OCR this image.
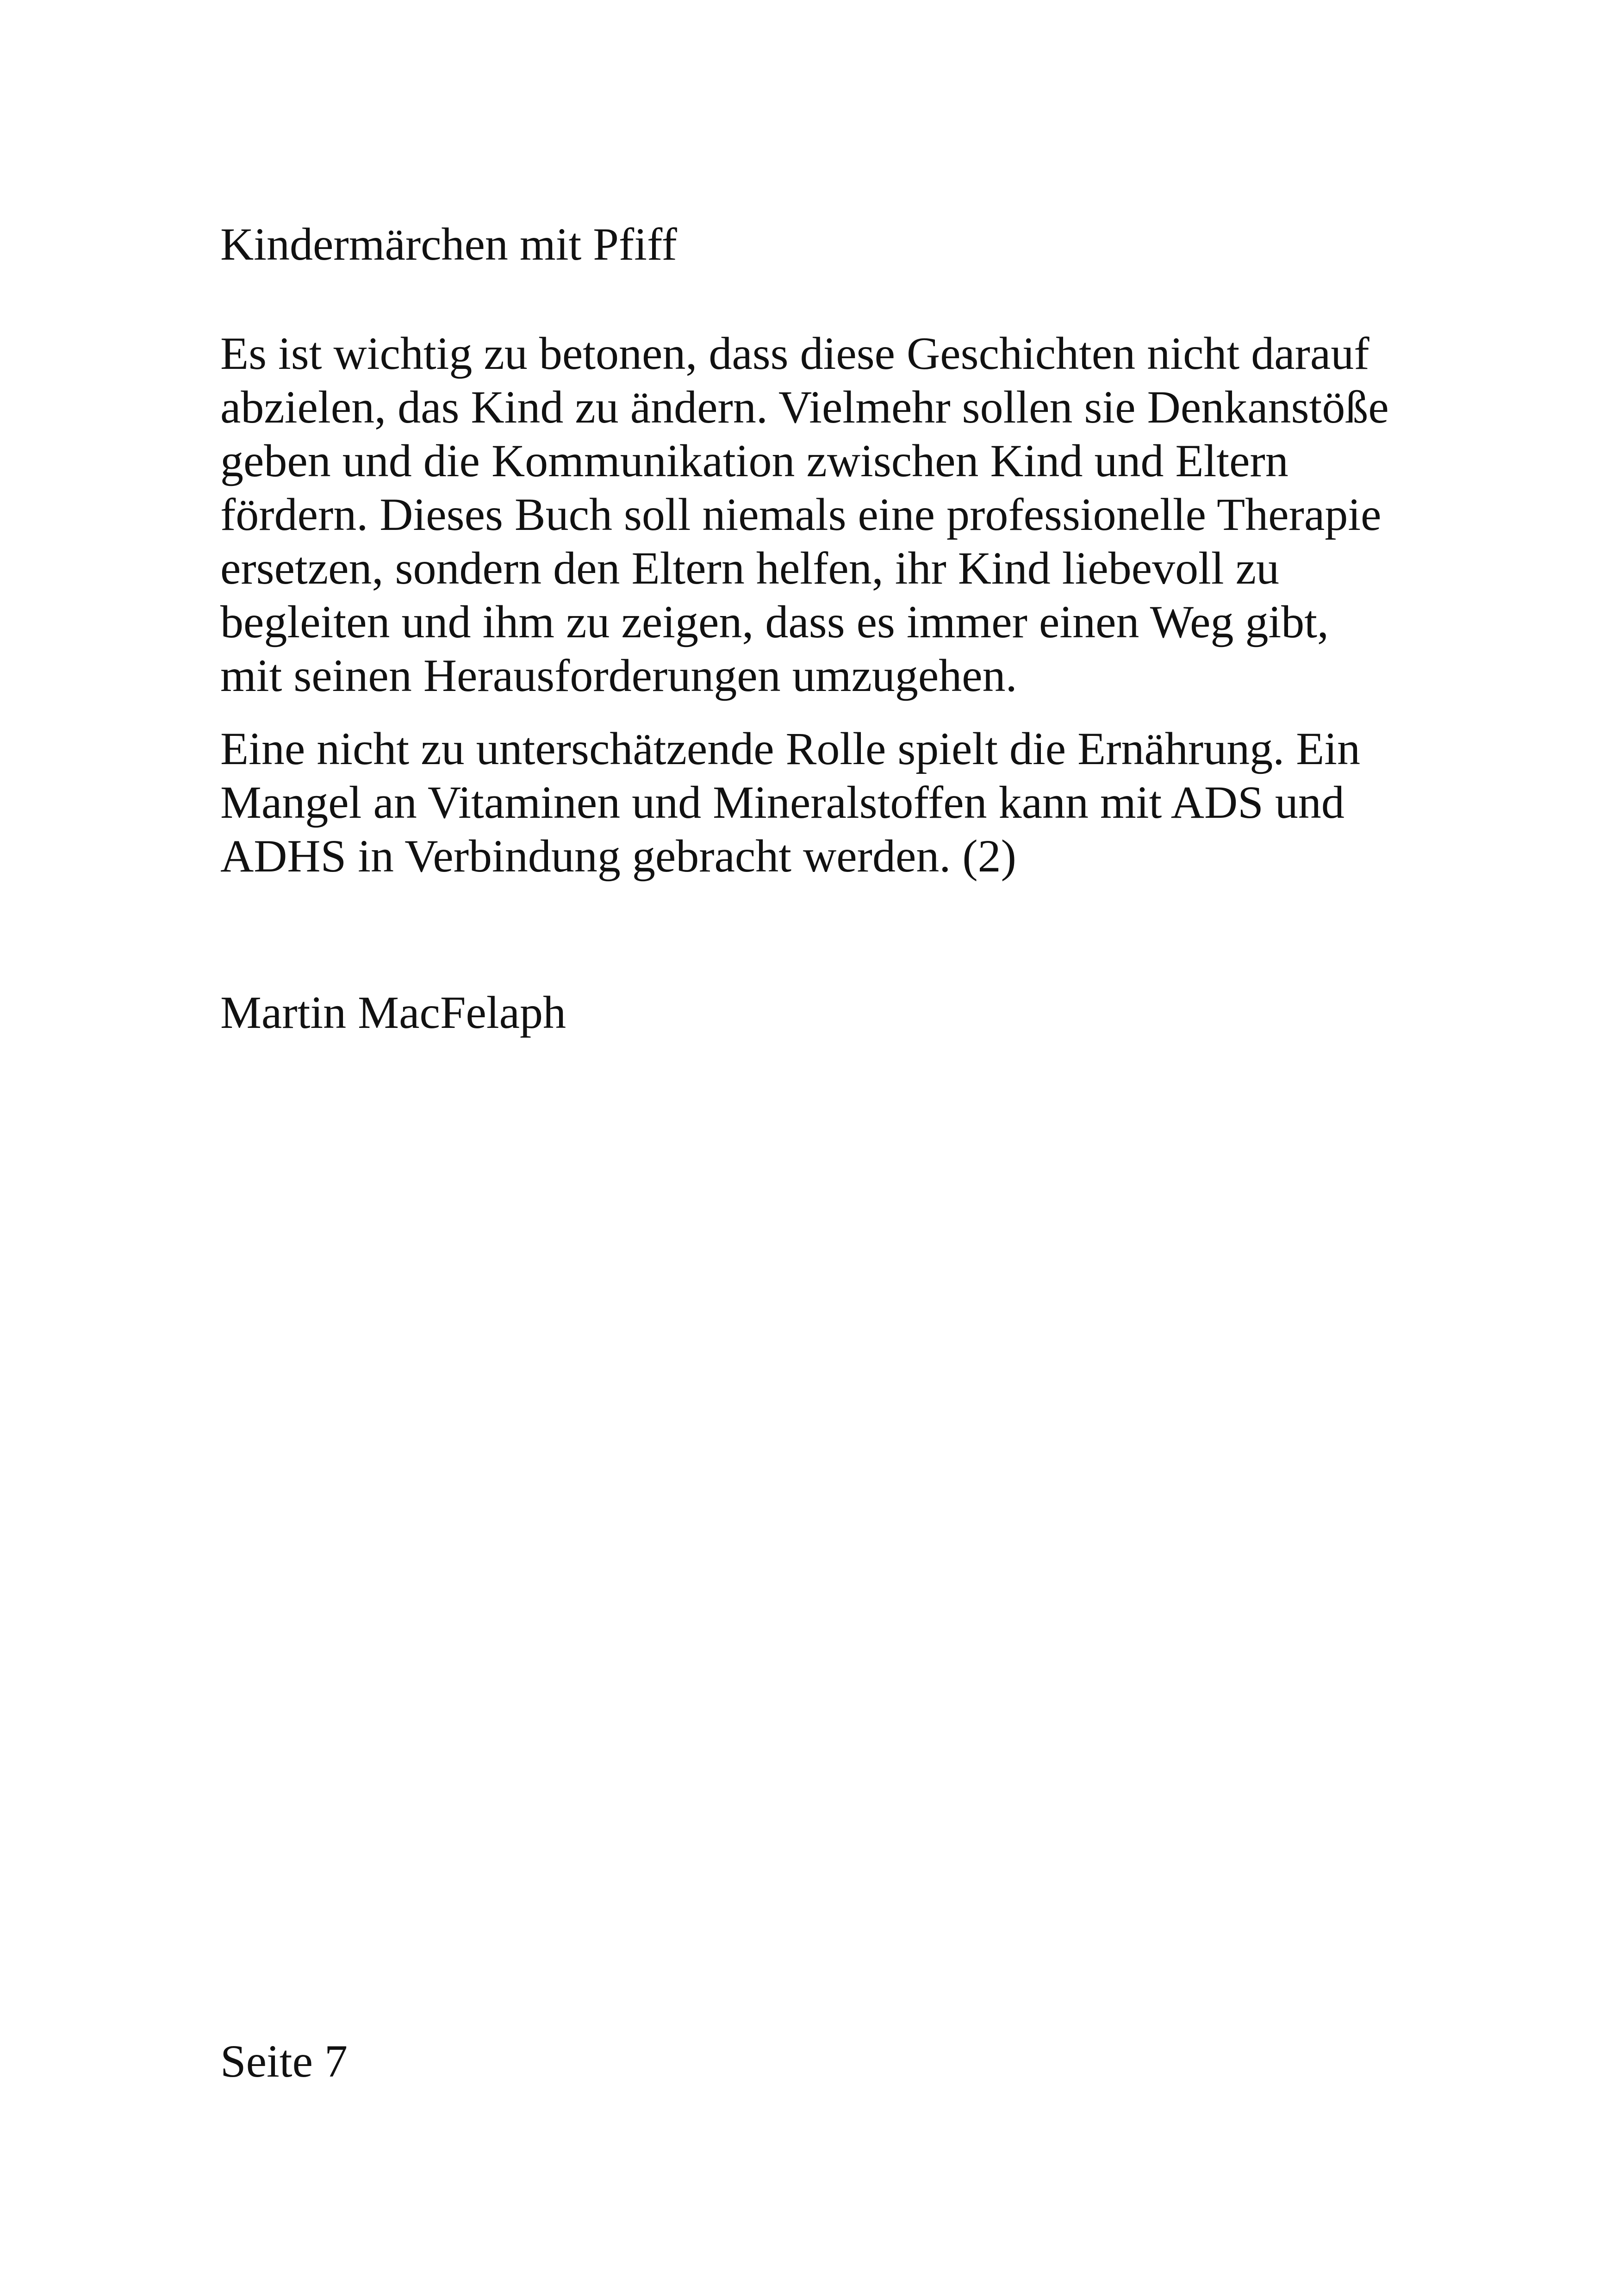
Kindermärchen mit Pfiff

Es ist wichtig zu betonen, dass diese Geschichten nicht darauf
abzielen, das Kind zu ändern. Vielmehr sollen sie Denkanstöße
geben und die Kommunikation zwischen Kind und Eltern
fördern. Dieses Buch soll niemals eine professionelle Therapie
ersetzen, sondern den Eltern helfen, ihr Kind liebevoll zu
begleiten und ihm zu zeigen, dass es immer einen Weg gibt,
mit seinen Herausforderungen umzugehen.

Eine nicht zu unterschätzende Rolle spielt die Ernährung. Ein
Mangel an Vitaminen und Mineralstoffen kann mit ADS und
ADHS in Verbindung gebracht werden. (2)

Martin MacFelaph

Seite 7
